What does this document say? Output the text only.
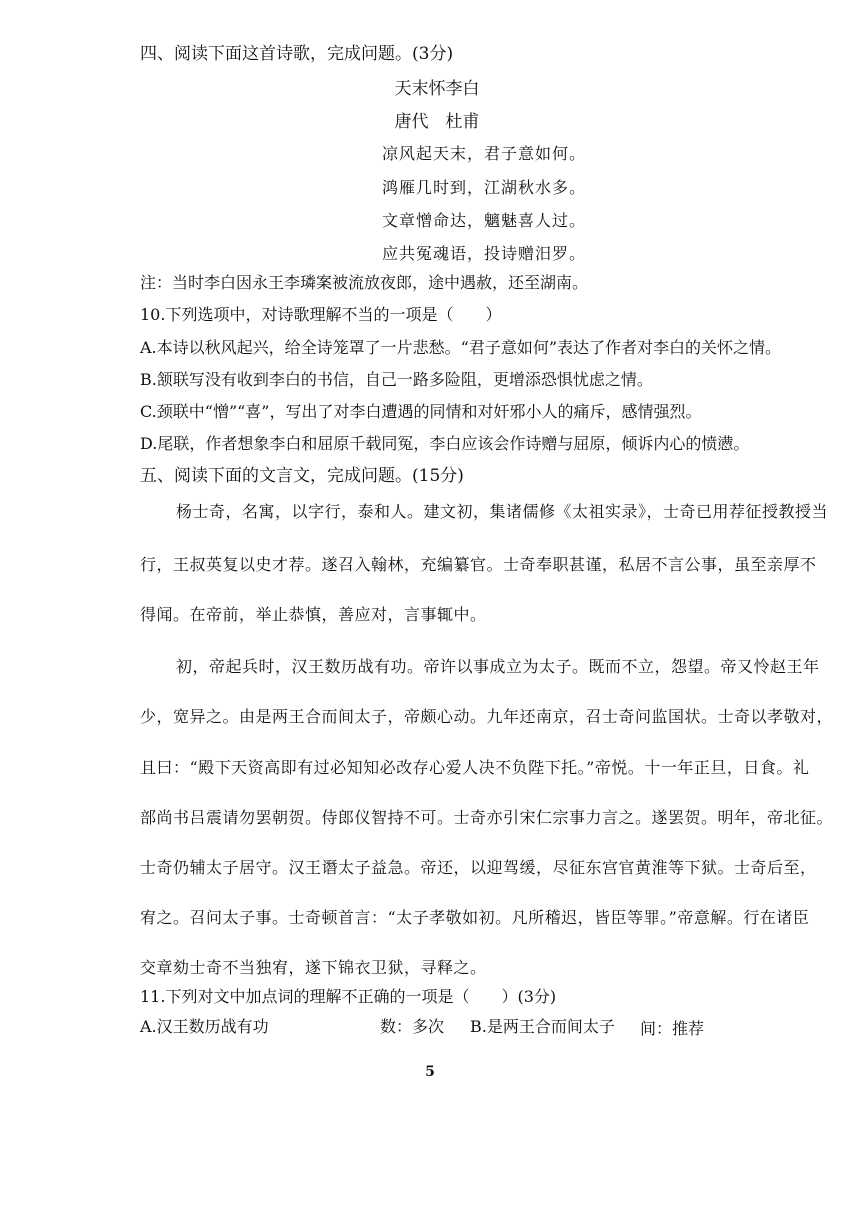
四、阅读下面这首诗歌，完成问题。(3分)
天末怀李白
唐代　杜甫
凉风起天末，君子意如何。
鸿雁几时到，江湖秋水多。
文章憎命达，魑魅喜人过。
应共冤魂语，投诗赠汨罗。
注：当时李白因永王李璘案被流放夜郎，途中遇赦，还至湖南。
10.下列选项中，对诗歌理解不当的一项是（　　）
A.本诗以秋风起兴，给全诗笼罩了一片悲愁。“君子意如何”表达了作者对李白的关怀之情。
B.颔联写没有收到李白的书信，自己一路多险阻，更增添恐惧忧虑之情。
C.颈联中“憎”“喜”，写出了对李白遭遇的同情和对奸邪小人的痛斥，感情强烈。
D.尾联，作者想象李白和屈原千载同冤，李白应该会作诗赠与屈原，倾诉内心的愤懑。
五、阅读下面的文言文，完成问题。(15分)
杨士奇，名寓，以字行，泰和人。建文初，集诸儒修《太祖实录》，士奇已用荐征授教授当
行，王叔英复以史才荐。遂召入翰林，充编纂官。士奇奉职甚谨，私居不言公事，虽至亲厚不
得闻。在帝前，举止恭慎，善应对，言事辄中。
初，帝起兵时，汉王数历战有功。帝许以事成立为太子。既而不立，怨望。帝又怜赵王年
少，宽异之。由是两王合而间太子，帝颇心动。九年还南京，召士奇问监国状。士奇以孝敬对，
且曰：“殿下天资高即有过必知知必改存心爱人决不负陛下托。”帝悦。十一年正旦，日食。礼
部尚书吕震请勿罢朝贺。侍郎仪智持不可。士奇亦引宋仁宗事力言之。遂罢贺。明年，帝北征。
士奇仍辅太子居守。汉王谮太子益急。帝还，以迎驾缓，尽征东宫官黄淮等下狱。士奇后至，
宥之。召问太子事。士奇顿首言：“太子孝敬如初。凡所稽迟，皆臣等罪。”帝意解。行在诸臣
交章劾士奇不当独宥，遂下锦衣卫狱，寻释之。
11.下列对文中加点词的理解不正确的一项是（　　）(3分)
A.汉王数历战有功	数：多次 B.是两王合而间太子 间：推荐
5
